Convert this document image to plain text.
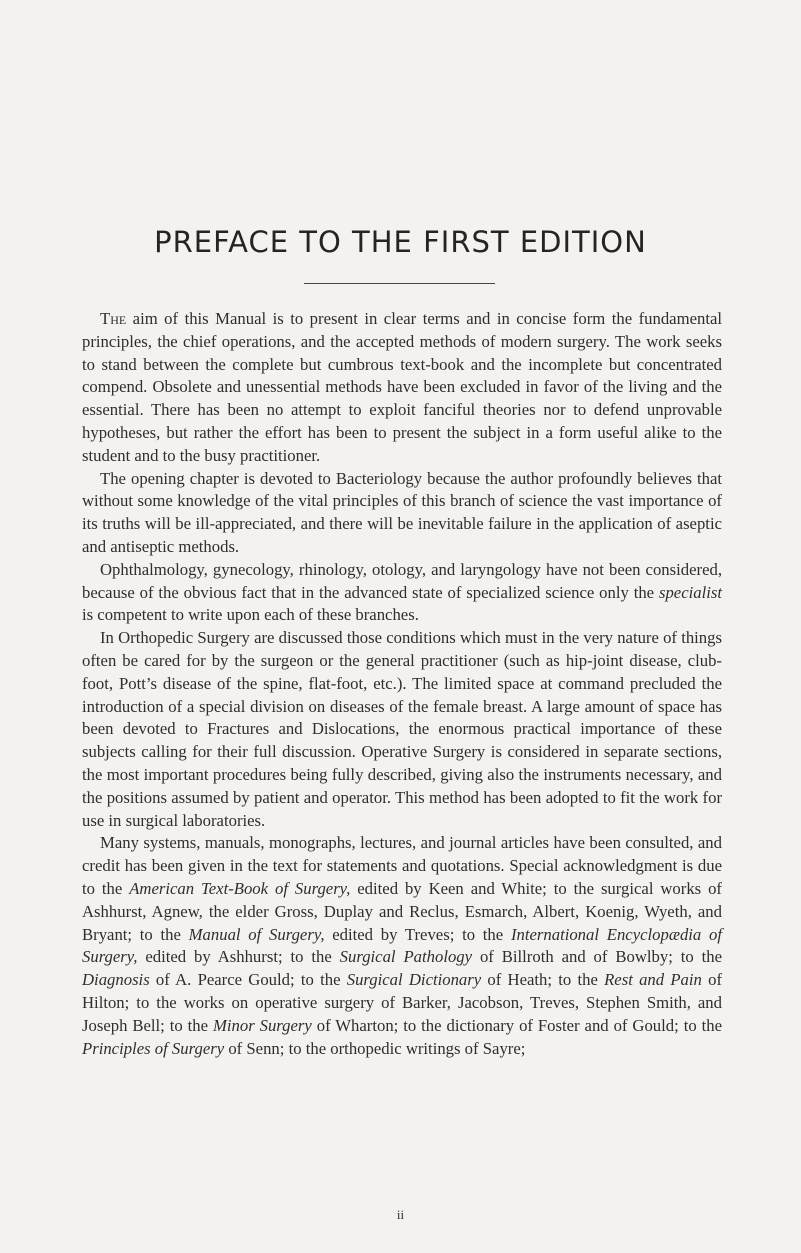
PREFACE TO THE FIRST EDITION

The aim of this Manual is to present in clear terms and in concise form the fundamental principles, the chief operations, and the accepted methods of modern surgery. The work seeks to stand between the complete but cumbrous text-book and the incomplete but concentrated compend. Obsolete and unessential methods have been excluded in favor of the living and the essential. There has been no attempt to exploit fanciful theories nor to defend unprovable hypotheses, but rather the effort has been to present the subject in a form useful alike to the student and to the busy practitioner.

The opening chapter is devoted to Bacteriology because the author profoundly believes that without some knowledge of the vital principles of this branch of science the vast importance of its truths will be ill-appreciated, and there will be inevitable failure in the application of aseptic and antiseptic methods.

Ophthalmology, gynecology, rhinology, otology, and laryngology have not been considered, because of the obvious fact that in the advanced state of specialized science only the specialist is competent to write upon each of these branches.

In Orthopedic Surgery are discussed those conditions which must in the very nature of things often be cared for by the surgeon or the general practitioner (such as hip-joint disease, club-foot, Pott’s disease of the spine, flat-foot, etc.). The limited space at command precluded the introduction of a special division on diseases of the female breast. A large amount of space has been devoted to Fractures and Dislocations, the enormous practical importance of these subjects calling for their full discussion. Operative Surgery is considered in separate sections, the most important procedures being fully described, giving also the instruments necessary, and the positions assumed by patient and operator. This method has been adopted to fit the work for use in surgical laboratories.

Many systems, manuals, monographs, lectures, and journal articles have been consulted, and credit has been given in the text for statements and quotations. Special acknowledgment is due to the American Text-Book of Surgery, edited by Keen and White; to the surgical works of Ashhurst, Agnew, the elder Gross, Duplay and Reclus, Esmarch, Albert, Koenig, Wyeth, and Bryant; to the Manual of Surgery, edited by Treves; to the International Encyclopædia of Surgery, edited by Ashhurst; to the Surgical Pathology of Billroth and of Bowlby; to the Diagnosis of A. Pearce Gould; to the Surgical Dictionary of Heath; to the Rest and Pain of Hilton; to the works on operative surgery of Barker, Jacobson, Treves, Stephen Smith, and Joseph Bell; to the Minor Surgery of Wharton; to the dictionary of Foster and of Gould; to the Principles of Surgery of Senn; to the orthopedic writings of Sayre;

ii
